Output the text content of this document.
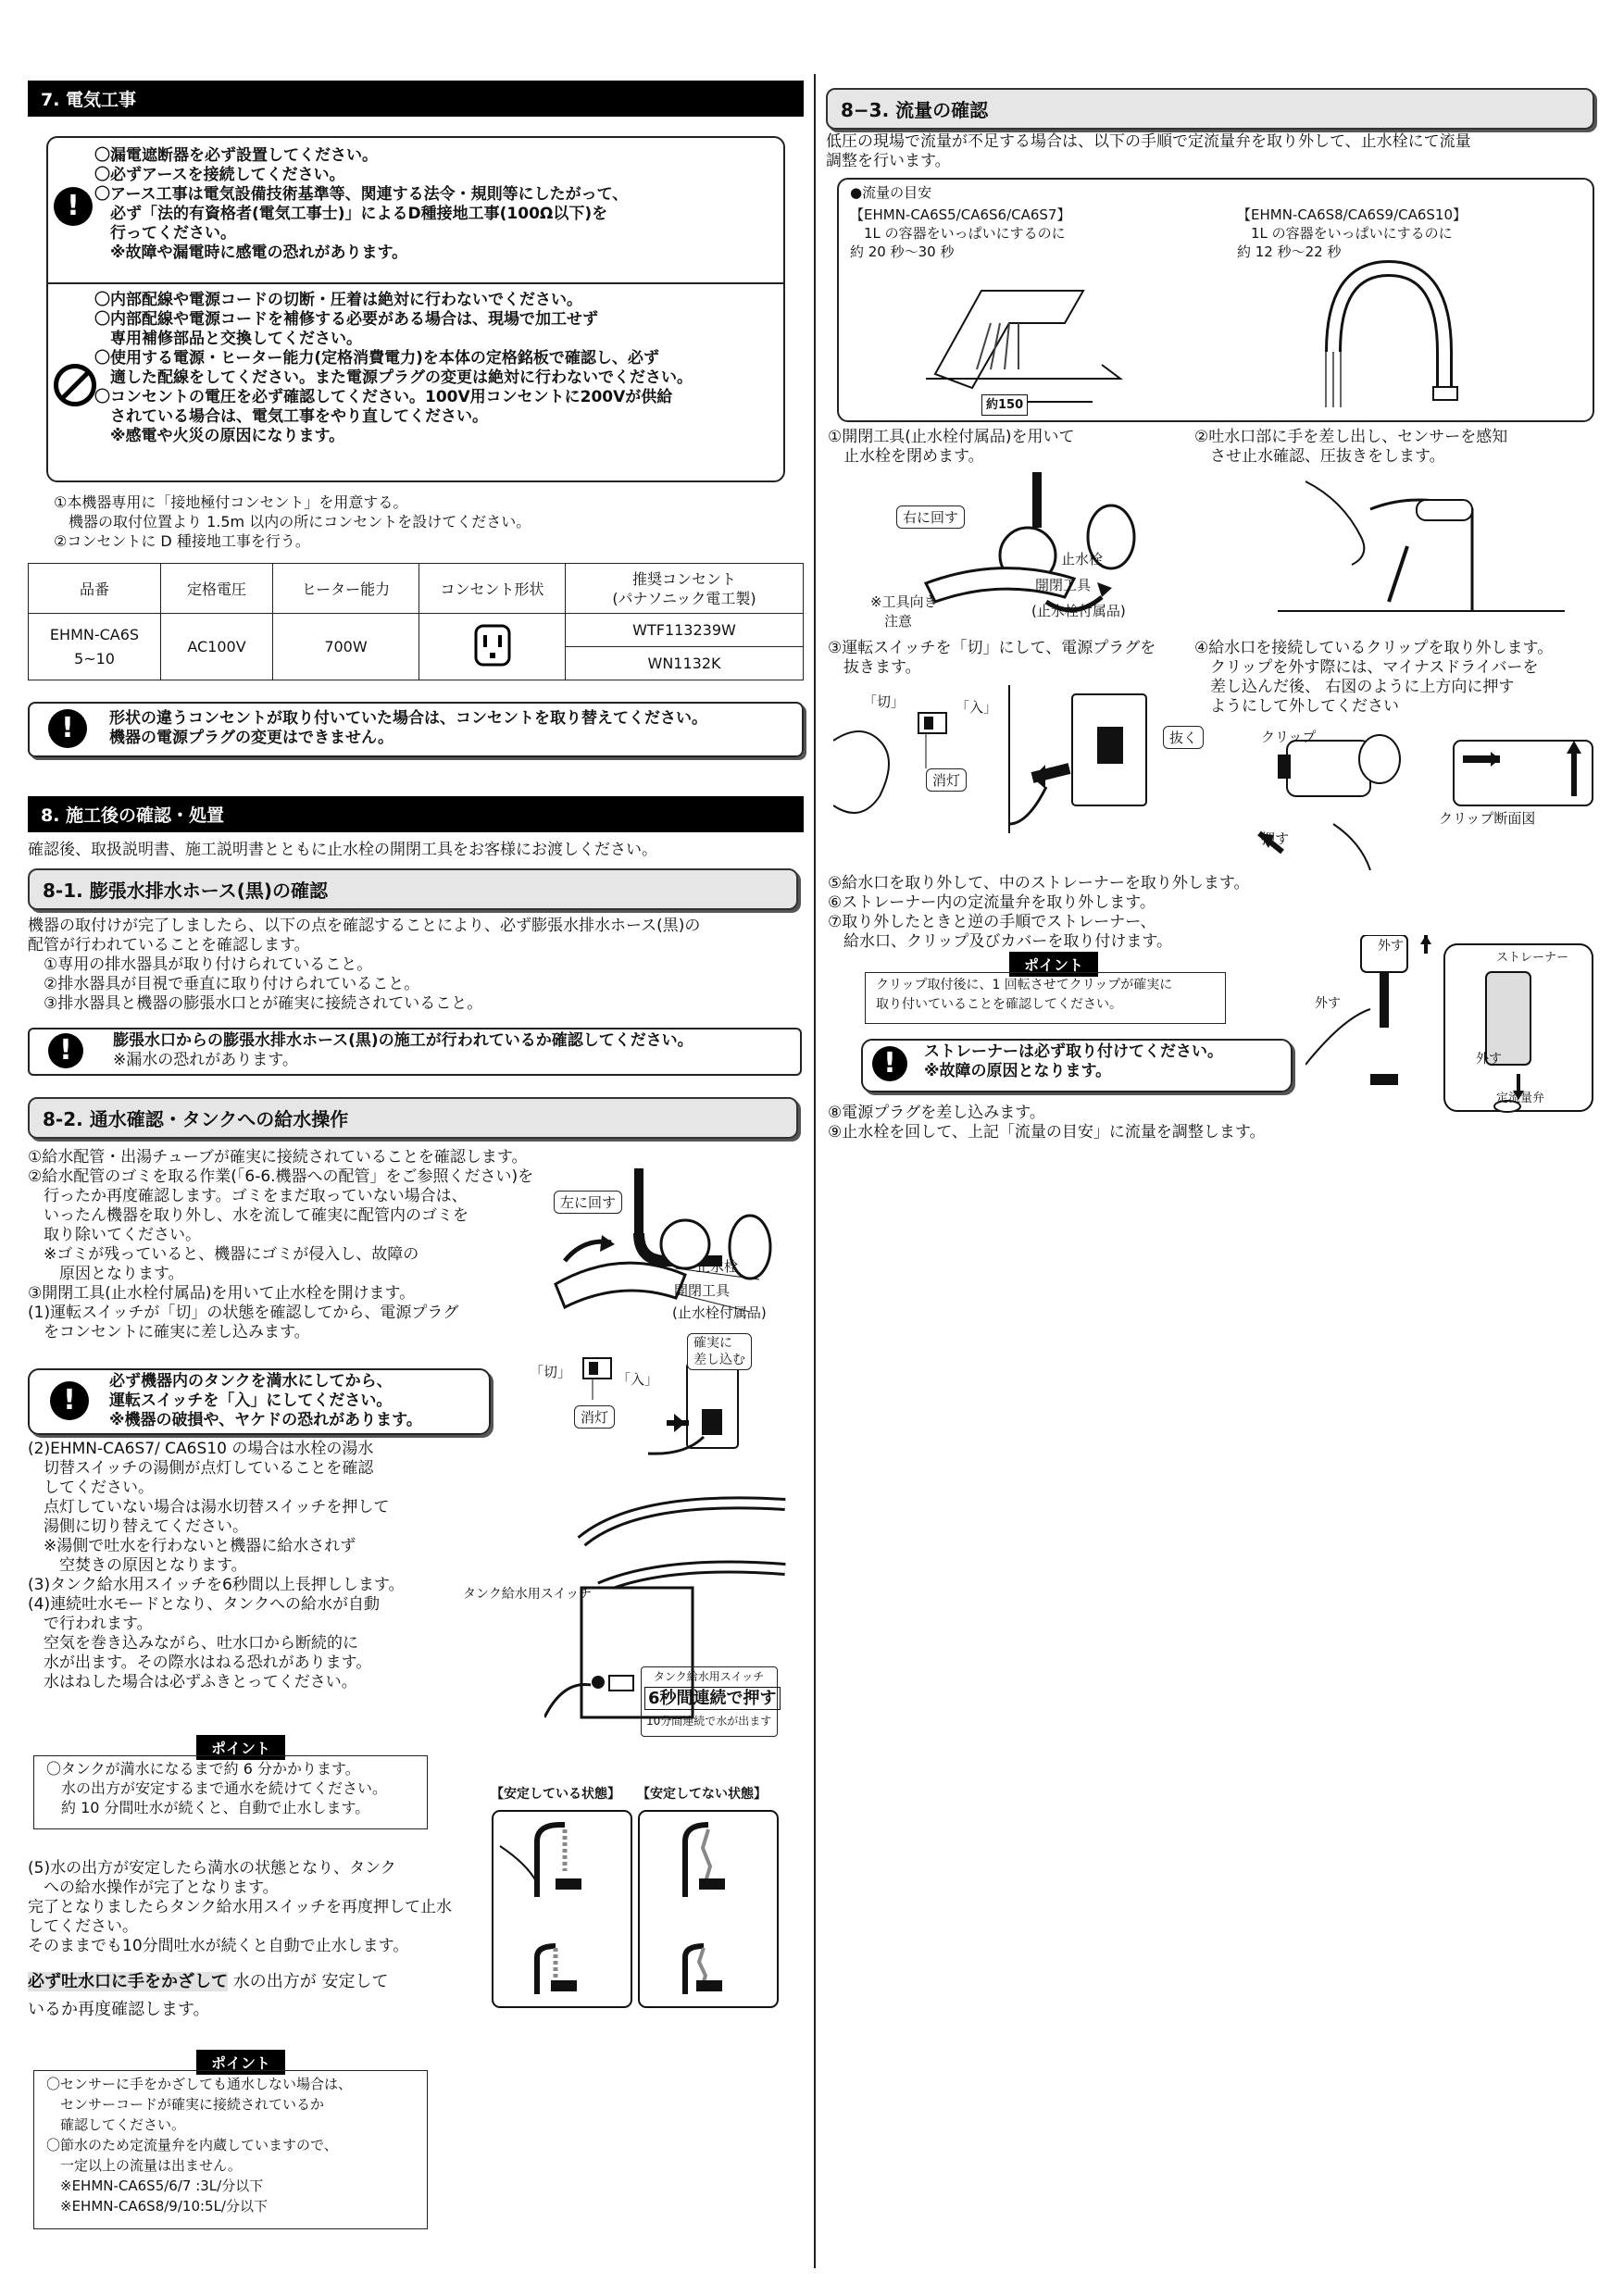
7. 電気工事
!
〇漏電遮断器を必ず設置してください。
〇必ずアースを接続してください。
〇アース工事は電気設備技術基準等、関連する法令・規則等にしたがって、
　必ず「法的有資格者(電気工事士)」によるD種接地工事(100Ω以下)を
　行ってください。
　※故障や漏電時に感電の恐れがあります。
〇内部配線や電源コードの切断・圧着は絶対に行わないでください。
〇内部配線や電源コードを補修する必要がある場合は、現場で加工せず
　専用補修部品と交換してください。
〇使用する電源・ヒーター能力(定格消費電力)を本体の定格銘板で確認し、必ず
　適した配線をしてください。また電源プラグの変更は絶対に行わないでください。
〇コンセントの電圧を必ず確認してください。100V用コンセントに200Vが供給
　されている場合は、電気工事をやり直してください。
　※感電や火災の原因になります。
①本機器専用に「接地極付コンセント」を用意する。
　機器の取付位置より 1.5m 以内の所にコンセントを設けてください。
②コンセントに D 種接地工事を行う。
品番	定格電圧	ヒーター能力	コンセント形状	推奨コンセント
(パナソニック電工製)
EHMN-CA6S
5~10	AC100V	700W		WTF113239W
				WN1132K
!	形状の違うコンセントが取り付いていた場合は、コンセントを取り替えてください。
機器の電源プラグの変更はできません。
8. 施工後の確認・処置
確認後、取扱説明書、施工説明書とともに止水栓の開閉工具をお客様にお渡しください。
8-1. 膨張水排水ホース(黒)の確認
機器の取付けが完了しましたら、以下の点を確認することにより、必ず膨張水排水ホース(黒)の
配管が行われていることを確認します。
　①専用の排水器具が取り付けられていること。
　②排水器具が目視で垂直に取り付けられていること。
　③排水器具と機器の膨張水口とが確実に接続されていること。
!	膨張水口からの膨張水排水ホース(黒)の施工が行われているか確認してください。
※漏水の恐れがあります。
8-2. 通水確認・タンクへの給水操作
①給水配管・出湯チューブが確実に接続されていることを確認します。
②給水配管のゴミを取る作業(「6-6.機器への配管」をご参照ください)を
　行ったか再度確認します。ゴミをまだ取っていない場合は、
　いったん機器を取り外し、水を流して確実に配管内のゴミを
　取り除いてください。
　※ゴミが残っていると、機器にゴミが侵入し、故障の
　　原因となります。
③開閉工具(止水栓付属品)を用いて止水栓を開けます。
(1)運転スイッチが「切」の状態を確認してから、電源プラグ
　をコンセントに確実に差し込みます。
左に回す
止水栓
開閉工具
(止水栓付属品)
!
必ず機器内のタンクを満水にしてから、
運転スイッチを「入」にしてください。
※機器の破損や、ヤケドの恐れがあります。
「切」	「入」
消灯
確実に
差し込む
(2)EHMN-CA6S7/ CA6S10 の場合は水栓の湯水
　切替スイッチの湯側が点灯していることを確認
　してください。
　点灯していない場合は湯水切替スイッチを押して
　湯側に切り替えてください。
　※湯側で吐水を行わないと機器に給水されず
　　空焚きの原因となります。
(3)タンク給水用スイッチを6秒間以上長押しします。
(4)連続吐水モードとなり、タンクへの給水が自動
　で行われます。
　空気を巻き込みながら、吐水口から断続的に
　水が出ます。その際水はねる恐れがあります。
　水はねした場合は必ずふきとってください。
タンク給水用スイッチ
タンク給水用スイッチ
6秒間連続で押す
10分間連続で水が出ます
ポイント
〇タンクが満水になるまで約 6 分かかります。
　水の出方が安定するまで通水を続けてください。
　約 10 分間吐水が続くと、自動で止水します。
【安定している状態】 【安定してない状態】
(5)水の出方が安定したら満水の状態となり、タンク
　への給水操作が完了となります。
完了となりましたらタンク給水用スイッチを再度押して止水
してください。
そのままでも10分間吐水が続くと自動で止水します。
必ず吐水口に手をかざして 水の出方が 安定して
いるか再度確認します。
ポイント
〇センサーに手をかざしても通水しない場合は、
　センサーコードが確実に接続されているか
　確認してください。
〇節水のため定流量弁を内蔵していますので、
　一定以上の流量は出ません。
　※EHMN-CA6S5/6/7 :3L/分以下
　※EHMN-CA6S8/9/10:5L/分以下
8−3. 流量の確認
低圧の現場で流量が不足する場合は、以下の手順で定流量弁を取り外して、止水栓にて流量
調整を行います。
●流量の目安
【EHMN-CA6S5/CA6S6/CA6S7】
　1L の容器をいっぱいにするのに
約 20 秒～30 秒
【EHMN-CA6S8/CA6S9/CA6S10】
　1L の容器をいっぱいにするのに
約 12 秒～22 秒
約150
①開閉工具(止水栓付属品)を用いて
　止水栓を閉めます。
②吐水口部に手を差し出し、センサーを感知
　させ止水確認、圧抜きをします。
右に回す
止水栓
開閉工具
※工具向き
　注意
(止水栓付属品)
③運転スイッチを「切」にして、電源プラグを
　抜きます。
④給水口を接続しているクリップを取り外します。
　クリップを外す際には、マイナスドライバーを
　差し込んだ後、 右図のように上方向に押す
　ようにして外してください
「切」	「入」
消灯
抜く	クリップ
押す
クリップ断面図
⑤給水口を取り外して、中のストレーナーを取り外します。
⑥ストレーナー内の定流量弁を取り外します。
⑦取り外したときと逆の手順でストレーナー、
　給水口、クリップ及びカバーを取り付けます。
ポイント
クリップ取付後に、1 回転させてクリップが確実に
取り付いていることを確認してください。
!	ストレーナーは必ず取り付けてください。
※故障の原因となります。
外す
外す
外す
ストレーナー
定流量弁
⑧電源プラグを差し込みます。
⑨止水栓を回して、上記「流量の目安」に流量を調整します。
